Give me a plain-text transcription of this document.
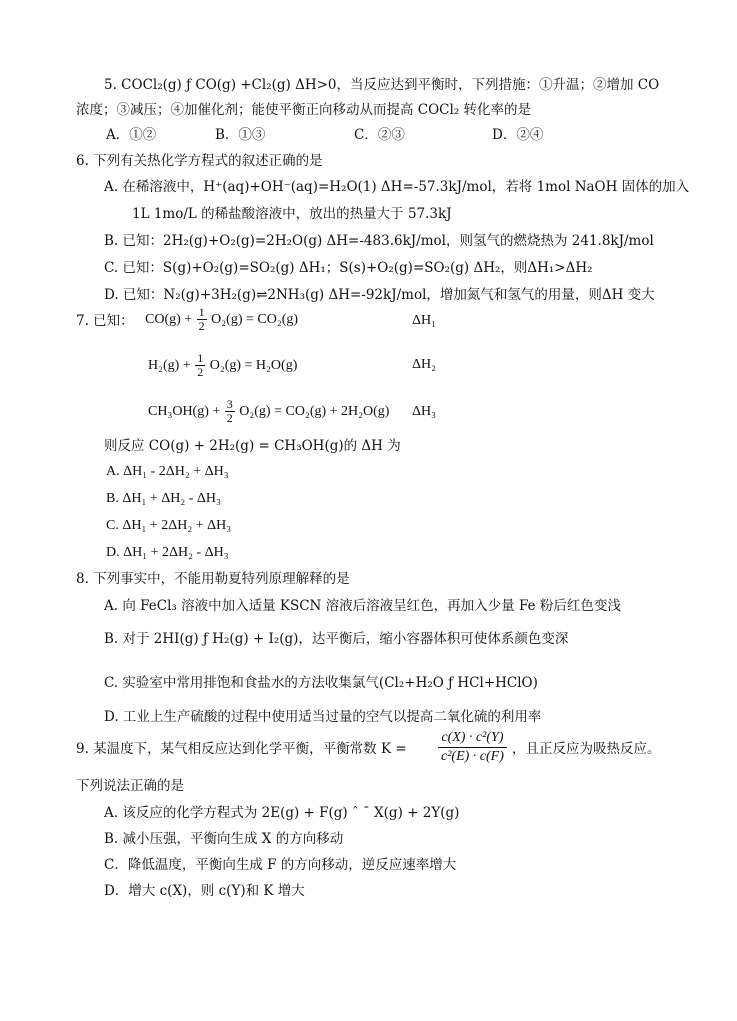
5. COCl₂(g) ƒ CO(g) +Cl₂(g) ΔH>0，当反应达到平衡时，下列措施：①升温；②增加 CO
浓度；③减压；④加催化剂；能使平衡正向移动从而提高 COCl₂ 转化率的是
A．①②	B．①③	C．②③	D．②④
6. 下列有关热化学方程式的叙述正确的是
A. 在稀溶液中，H⁺(aq)+OH⁻(aq)=H₂O(1) ΔH=-57.3kJ/mol，若将 1mol NaOH 固体的加入
1L 1mo/L 的稀盐酸溶液中，放出的热量大于 57.3kJ
B. 已知：2H₂(g)+O₂(g)=2H₂O(g) ΔH=-483.6kJ/mol，则氢气的燃烧热为 241.8kJ/mol
C. 已知：S(g)+O₂(g)=SO₂(g) ΔH₁；S(s)+O₂(g)=SO₂(g) ΔH₂，则ΔH₁>ΔH₂
D. 已知：N₂(g)+3H₂(g)⇌2NH₃(g) ΔH=-92kJ/mol，增加氮气和氢气的用量，则ΔH 变大
7. 已知： $CO(g) + \frac{1}{2} O_2(g) = CO_2(g)$	ΔH₁
$H_2(g) + \frac{1}{2} O_2(g) = H_2O(g)$	ΔH₂
$CH_3OH(g) + \frac{3}{2} O_2(g) = CO_2(g) + 2H_2O(g)$ ΔH₃
则反应 CO(g) + 2H₂(g) = CH₃OH(g)的 ΔH 为
A. ΔH₁ - 2ΔH₂ + ΔH₃
B. ΔH₁ + ΔH₂ - ΔH₃
C. ΔH₁ + 2ΔH₂ + ΔH₃
D. ΔH₁ + 2ΔH₂ - ΔH₃
8. 下列事实中，不能用勒夏特列原理解释的是
A. 向 FeCl₃ 溶液中加入适量 KSCN 溶液后溶液呈红色，再加入少量 Fe 粉后红色变浅
B. 对于 2HI(g) ƒ H₂(g) + I₂(g)，达平衡后，缩小容器体积可使体系颜色变深
C. 实验室中常用排饱和食盐水的方法收集氯气(Cl₂+H₂O ƒ HCl+HClO)
D. 工业上生产硫酸的过程中使用适当过量的空气以提高二氧化硫的利用率
9. 某温度下，某气相反应达到化学平衡，平衡常数 $K = \frac{\text{c(X) · c²(Y)}}{\text{c²(E) · c(F)}}$ ，且正反应为吸热反应。
下列说法正确的是
A. 该反应的化学方程式为 2E(g) + F(g) ˆ ˉ X(g) + 2Y(g)
B. 减小压强，平衡向生成 X 的方向移动
C．降低温度，平衡向生成 F 的方向移动，逆反应速率增大
D．增大 c(X)，则 c(Y)和 K 增大
